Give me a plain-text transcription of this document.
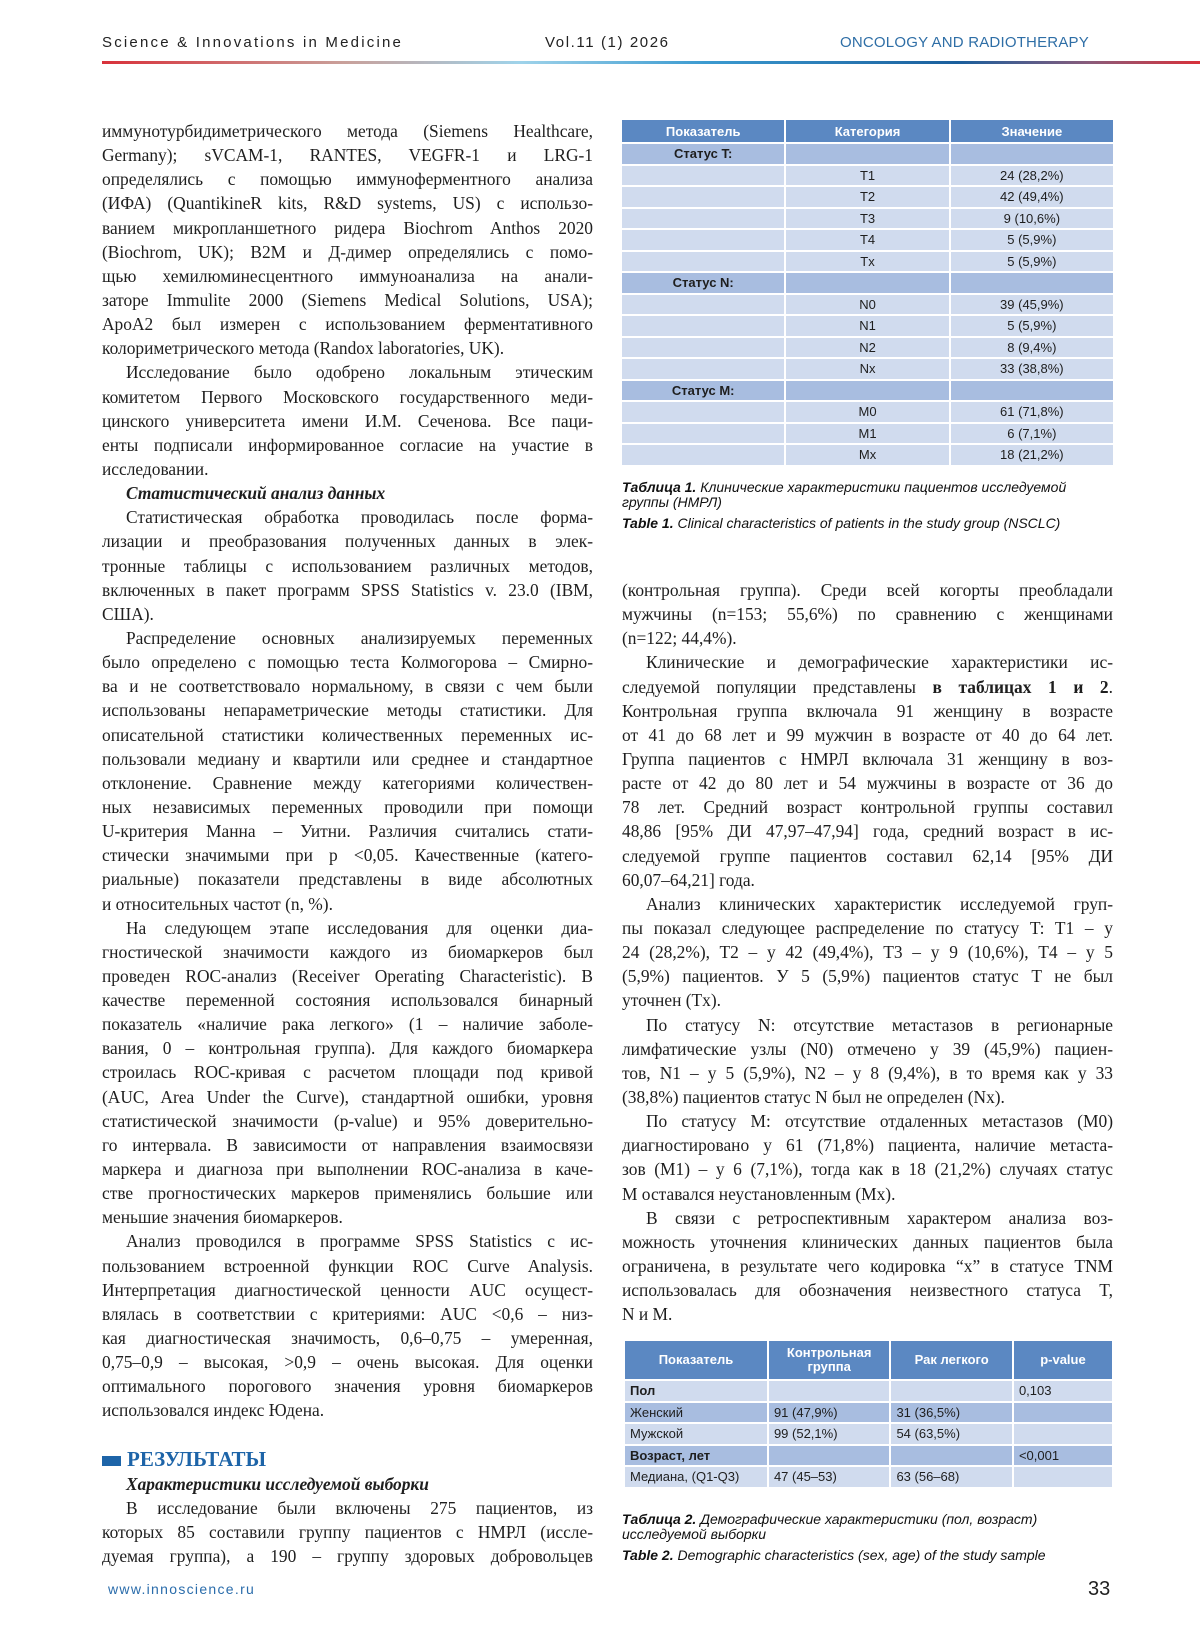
Science & Innovations in Medicine	Vol.11 (1) 2026	ONCOLOGY AND RADIOTHERAPY
иммунотурбидиметрического метода (Siemens Healthcare,
Germany); sVCAM-1, RANTES, VEGFR-1 и LRG-1
определялись с помощью иммуноферментного анализа
(ИФА) (QuantikineR kits, R&D systems, US) с использо-
ванием микропланшетного ридера Biochrom Anthos 2020
(Biochrom, UK); B2M и Д-димер определялись с помо-
щью хемилюминесцентного иммуноанализа на анали-
заторе Immulite 2000 (Siemens Medical Solutions, USA);
ApoA2 был измерен с использованием ферментативного
колориметрического метода (Randox laboratories, UK).
Исследование было одобрено локальным этическим
комитетом Первого Московского государственного меди-
цинского университета имени И.М. Сеченова. Все паци-
енты подписали информированное согласие на участие в
исследовании.
Статистический анализ данных
Статистическая обработка проводилась после форма-
лизации и преобразования полученных данных в элек-
тронные таблицы с использованием различных методов,
включенных в пакет программ SPSS Statistics v. 23.0 (IBM,
США).
Распределение основных анализируемых переменных
было определено с помощью теста Колмогорова – Смирно-
ва и не соответствовало нормальному, в связи с чем были
использованы непараметрические методы статистики. Для
описательной статистики количественных переменных ис-
пользовали медиану и квартили или среднее и стандартное
отклонение. Сравнение между категориями количествен-
ных независимых переменных проводили при помощи
U-критерия Манна – Уитни. Различия считались стати-
стически значимыми при p <0,05. Качественные (катего-
риальные) показатели представлены в виде абсолютных
и относительных частот (n, %).
На следующем этапе исследования для оценки диа-
гностической значимости каждого из биомаркеров был
проведен ROC-анализ (Receiver Operating Characteristic). В
качестве переменной состояния использовался бинарный
показатель «наличие рака легкого» (1 – наличие заболе-
вания, 0 – контрольная группа). Для каждого биомаркера
строилась ROC-кривая с расчетом площади под кривой
(AUC, Area Under the Curve), стандартной ошибки, уровня
статистической значимости (p-value) и 95% доверительно-
го интервала. В зависимости от направления взаимосвязи
маркера и диагноза при выполнении ROC-анализа в каче-
стве прогностических маркеров применялись большие или
меньшие значения биомаркеров.
Анализ проводился в программе SPSS Statistics с ис-
пользованием встроенной функции ROC Curve Analysis.
Интерпретация диагностической ценности AUC осущест-
влялась в соответствии с критериями: AUC <0,6 – низ-
кая диагностическая значимость, 0,6–0,75 – умеренная,
0,75–0,9 – высокая, >0,9 – очень высокая. Для оценки
оптимального порогового значения уровня биомаркеров
использовался индекс Юдена.
РЕЗУЛЬТАТЫ
Характеристики исследуемой выборки
В исследование были включены 275 пациентов, из
которых 85 составили группу пациентов с НМРЛ (иссле-
дуемая группа), а 190 – группу здоровых добровольцев
(контрольная группа). Среди всей когорты преобладали
мужчины (n=153; 55,6%) по сравнению с женщинами
(n=122; 44,4%).
Клинические и демографические характеристики ис-
следуемой популяции представлены в таблицах 1 и 2.
Контрольная группа включала 91 женщину в возрасте
от 41 до 68 лет и 99 мужчин в возрасте от 40 до 64 лет.
Группа пациентов с НМРЛ включала 31 женщину в воз-
расте от 42 до 80 лет и 54 мужчины в возрасте от 36 до
78 лет. Средний возраст контрольной группы составил
48,86 [95% ДИ 47,97–47,94] года, средний возраст в ис-
следуемой группе пациентов составил 62,14 [95% ДИ
60,07–64,21] года.
Анализ клинических характеристик исследуемой груп-
пы показал следующее распределение по статусу T: T1 – у
24 (28,2%), T2 – у 42 (49,4%), T3 – у 9 (10,6%), T4 – у 5
(5,9%) пациентов. У 5 (5,9%) пациентов статус T не был
уточнен (Tx).
По статусу N: отсутствие метастазов в регионарные
лимфатические узлы (N0) отмечено у 39 (45,9%) пациен-
тов, N1 – у 5 (5,9%), N2 – у 8 (9,4%), в то время как у 33
(38,8%) пациентов статус N был не определен (Nx).
По статусу M: отсутствие отдаленных метастазов (M0)
диагностировано у 61 (71,8%) пациента, наличие метаста-
зов (M1) – у 6 (7,1%), тогда как в 18 (21,2%) случаях статус
M оставался неустановленным (Mx).
В связи с ретроспективным характером анализа воз-
можность уточнения клинических данных пациентов была
ограничена, в результате чего кодировка “x” в статусе TNM
использовалась для обозначения неизвестного статуса T,
N и M.
Показатель	Категория	Значение
Статус T:		
	T1	24 (28,2%)
	T2	42 (49,4%)
	T3	9 (10,6%)
	T4	5 (5,9%)
	Tx	5 (5,9%)
Статус N:		
	N0	39 (45,9%)
	N1	5 (5,9%)
	N2	8 (9,4%)
	Nx	33 (38,8%)
Статус M:		
	M0	61 (71,8%)
	M1	6 (7,1%)
	Mx	18 (21,2%)

Таблица 1. Клинические характеристики пациентов исследуемой группы (НМРЛ)

Table 1. Clinical characteristics of patients in the study group (NSCLC)

Показатель	Контрольная группа	Рак легкого	p-value
Пол			0,103
Женский	91 (47,9%)	31 (36,5%)	
Мужской	99 (52,1%)	54 (63,5%)	
Возраст, лет			<0,001
Медиана, (Q1-Q3)	47 (45–53)	63 (56–68)	

Таблица 2. Демографические характеристики (пол, возраст) исследуемой выборки

Table 2. Demographic characteristics (sex, age) of the study sample

www.innoscience.ru	33
